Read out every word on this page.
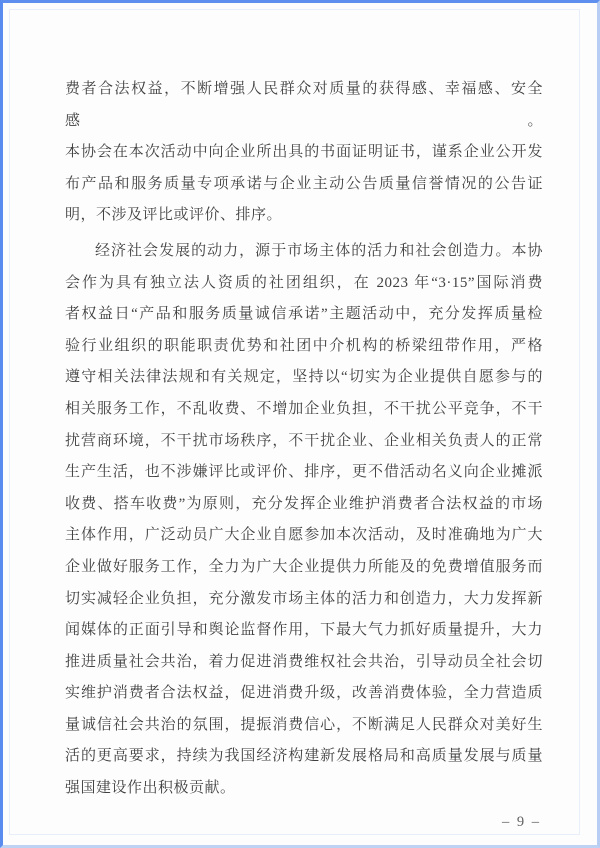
费者合法权益，不断增强人民群众对质量的获得感、幸福感、安全感。
本协会在本次活动中向企业所出具的书面证明证书，谨系企业公开发
布产品和服务质量专项承诺与企业主动公告质量信誉情况的公告证
明，不涉及评比或评价、排序。
经济社会发展的动力，源于市场主体的活力和社会创造力。本协
会作为具有独立法人资质的社团组织，在 2023 年“3·15”国际消费
者权益日“产品和服务质量诚信承诺”主题活动中，充分发挥质量检
验行业组织的职能职责优势和社团中介机构的桥梁纽带作用，严格
遵守相关法律法规和有关规定，坚持以“切实为企业提供自愿参与的
相关服务工作，不乱收费、不增加企业负担，不干扰公平竞争，不干
扰营商环境，不干扰市场秩序，不干扰企业、企业相关负责人的正常
生产生活，也不涉嫌评比或评价、排序，更不借活动名义向企业摊派
收费、搭车收费”为原则，充分发挥企业维护消费者合法权益的市场
主体作用，广泛动员广大企业自愿参加本次活动，及时准确地为广大
企业做好服务工作，全力为广大企业提供力所能及的免费增值服务而
切实减轻企业负担，充分激发市场主体的活力和创造力，大力发挥新
闻媒体的正面引导和舆论监督作用，下最大气力抓好质量提升，大力
推进质量社会共治，着力促进消费维权社会共治，引导动员全社会切
实维护消费者合法权益，促进消费升级，改善消费体验，全力营造质
量诚信社会共治的氛围，提振消费信心，不断满足人民群众对美好生
活的更高要求，持续为我国经济构建新发展格局和高质量发展与质量
强国建设作出积极贡献。
– 9 –
